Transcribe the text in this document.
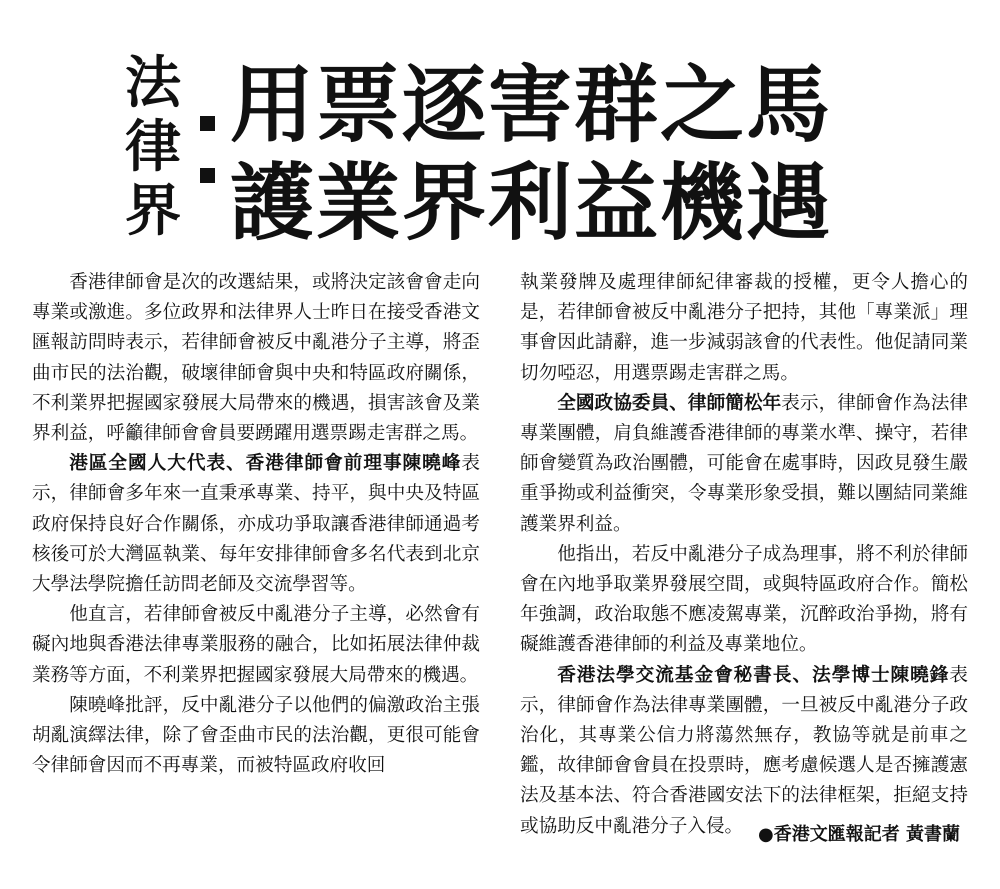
法
律
界
用票逐害群之馬
護業界利益機遇

香港律師會是次的改選結果，或將決定該會會走向專業或激進。多位政界和法律界人士昨日在接受香港文匯報訪問時表示，若律師會被反中亂港分子主導，將歪曲市民的法治觀，破壞律師會與中央和特區政府關係，不利業界把握國家發展大局帶來的機遇，損害該會及業界利益，呼籲律師會會員要踴躍用選票踢走害群之馬。

港區全國人大代表、香港律師會前理事陳曉峰表示，律師會多年來一直秉承專業、持平，與中央及特區政府保持良好合作關係，亦成功爭取讓香港律師通過考核後可於大灣區執業、每年安排律師會多名代表到北京大學法學院擔任訪問老師及交流學習等。

他直言，若律師會被反中亂港分子主導，必然會有礙內地與香港法律專業服務的融合，比如拓展法律仲裁業務等方面，不利業界把握國家發展大局帶來的機遇。

陳曉峰批評，反中亂港分子以他們的偏激政治主張胡亂演繹法律，除了會歪曲市民的法治觀，更很可能會令律師會因而不再專業，而被特區政府收回

執業發牌及處理律師紀律審裁的授權，更令人擔心的是，若律師會被反中亂港分子把持，其他「專業派」理事會因此請辭，進一步減弱該會的代表性。他促請同業切勿啞忍，用選票踢走害群之馬。

全國政協委員、律師簡松年表示，律師會作為法律專業團體，肩負維護香港律師的專業水準、操守，若律師會變質為政治團體，可能會在處事時，因政見發生嚴重爭拗或利益衝突，令專業形象受損，難以團結同業維護業界利益。

他指出，若反中亂港分子成為理事，將不利於律師會在內地爭取業界發展空間，或與特區政府合作。簡松年強調，政治取態不應凌駕專業，沉醉政治爭拗，將有礙維護香港律師的利益及專業地位。

香港法學交流基金會秘書長、法學博士陳曉鋒表示，律師會作為法律專業團體，一旦被反中亂港分子政治化，其專業公信力將蕩然無存，教協等就是前車之鑑，故律師會會員在投票時，應考慮候選人是否擁護憲法及基本法、符合香港國安法下的法律框架，拒絕支持或協助反中亂港分子入侵。 ●香港文匯報記者 黃書蘭
